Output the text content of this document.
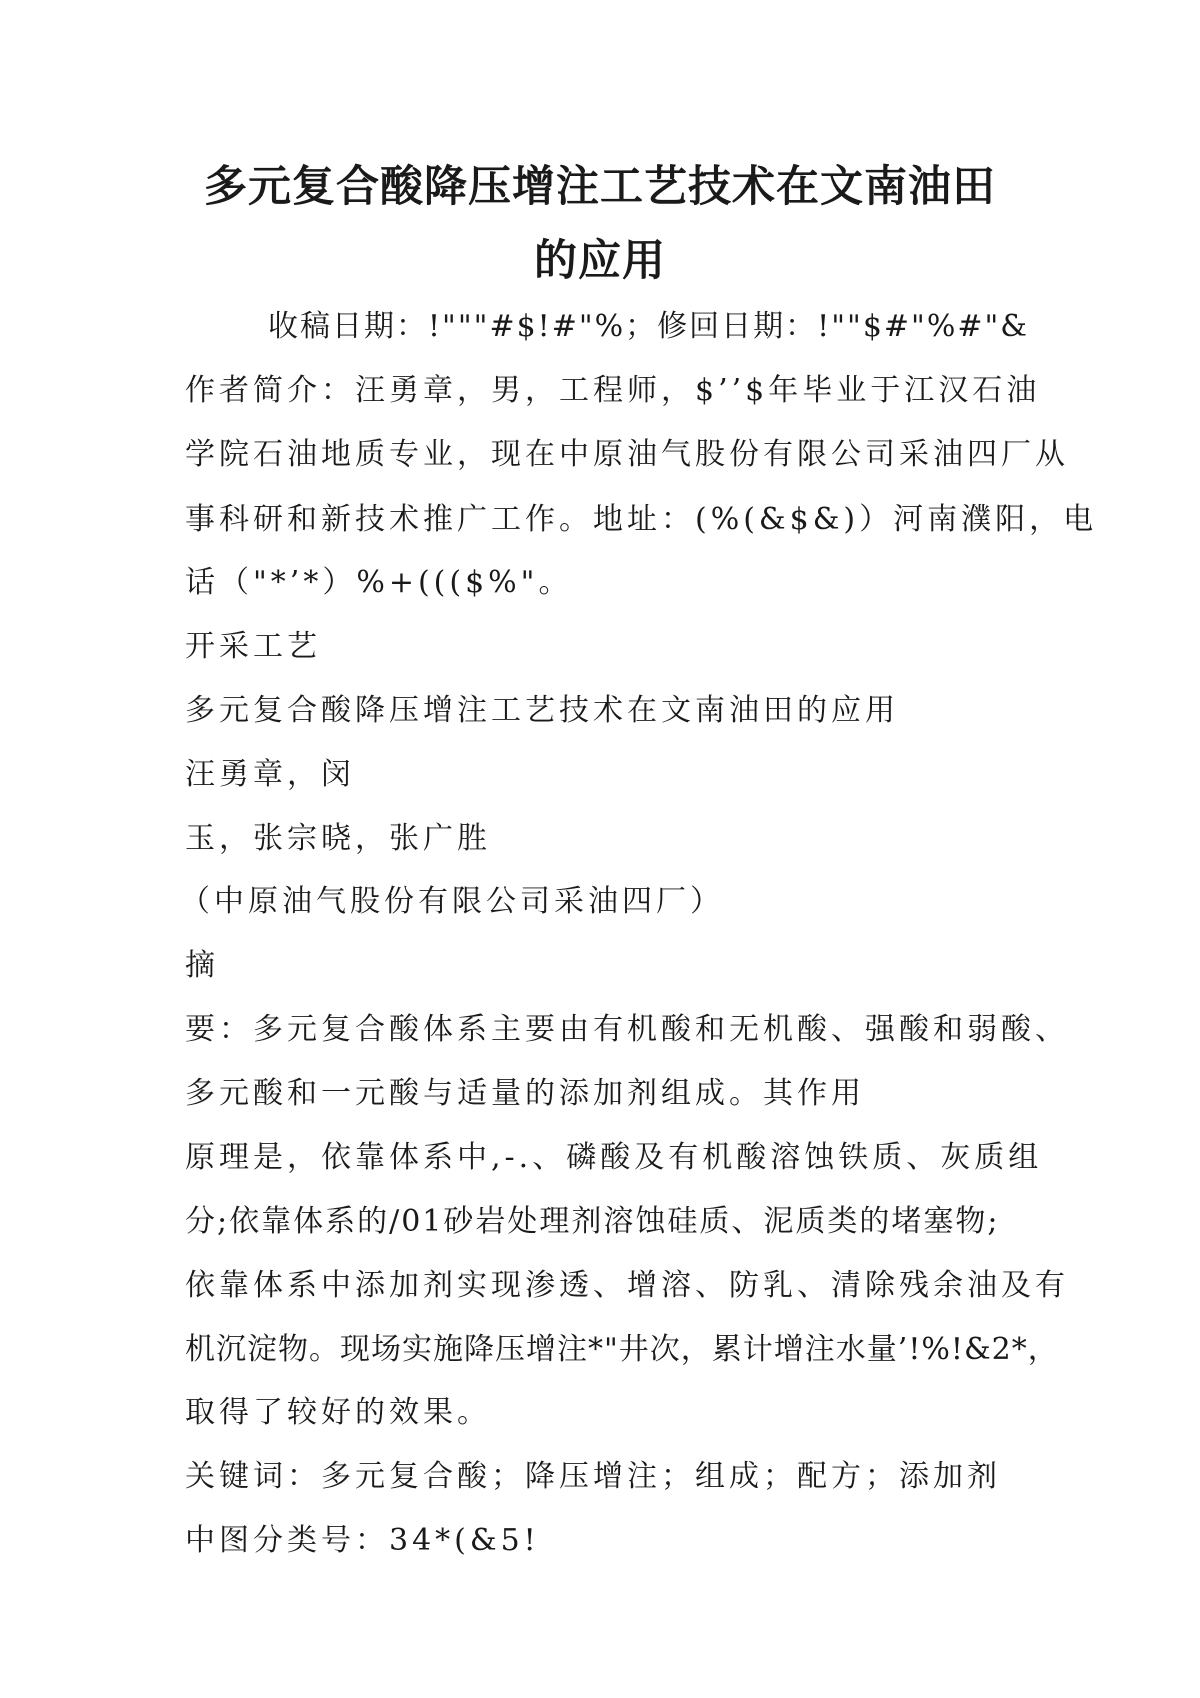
多元复合酸降压增注工艺技术在文南油田
的应用
收稿日期：!"""#$!#"%；修回日期：!""$#"%#"&
作者简介：汪勇章，男，工程师，$’’$年毕业于江汉石油
学院石油地质专业，现在中原油气股份有限公司采油四厂从
事科研和新技术推广工作。地址：(%(&$&)）河南濮阳，电
话（"*’*）%+((($%"。
开采工艺
多元复合酸降压增注工艺技术在文南油田的应用
汪勇章，闵
玉，张宗晓，张广胜
（中原油气股份有限公司采油四厂）
摘
要：多元复合酸体系主要由有机酸和无机酸、强酸和弱酸、
多元酸和一元酸与适量的添加剂组成。其作用
原理是，依靠体系中,-.、磷酸及有机酸溶蚀铁质、灰质组
分;依靠体系的/01砂岩处理剂溶蚀硅质、泥质类的堵塞物;
依靠体系中添加剂实现渗透、增溶、防乳、清除残余油及有
机沉淀物。现场实施降压增注*"井次，累计增注水量’!%!&2*，
取得了较好的效果。
关键词：多元复合酸；降压增注；组成；配方；添加剂
中图分类号：34*(&5!
